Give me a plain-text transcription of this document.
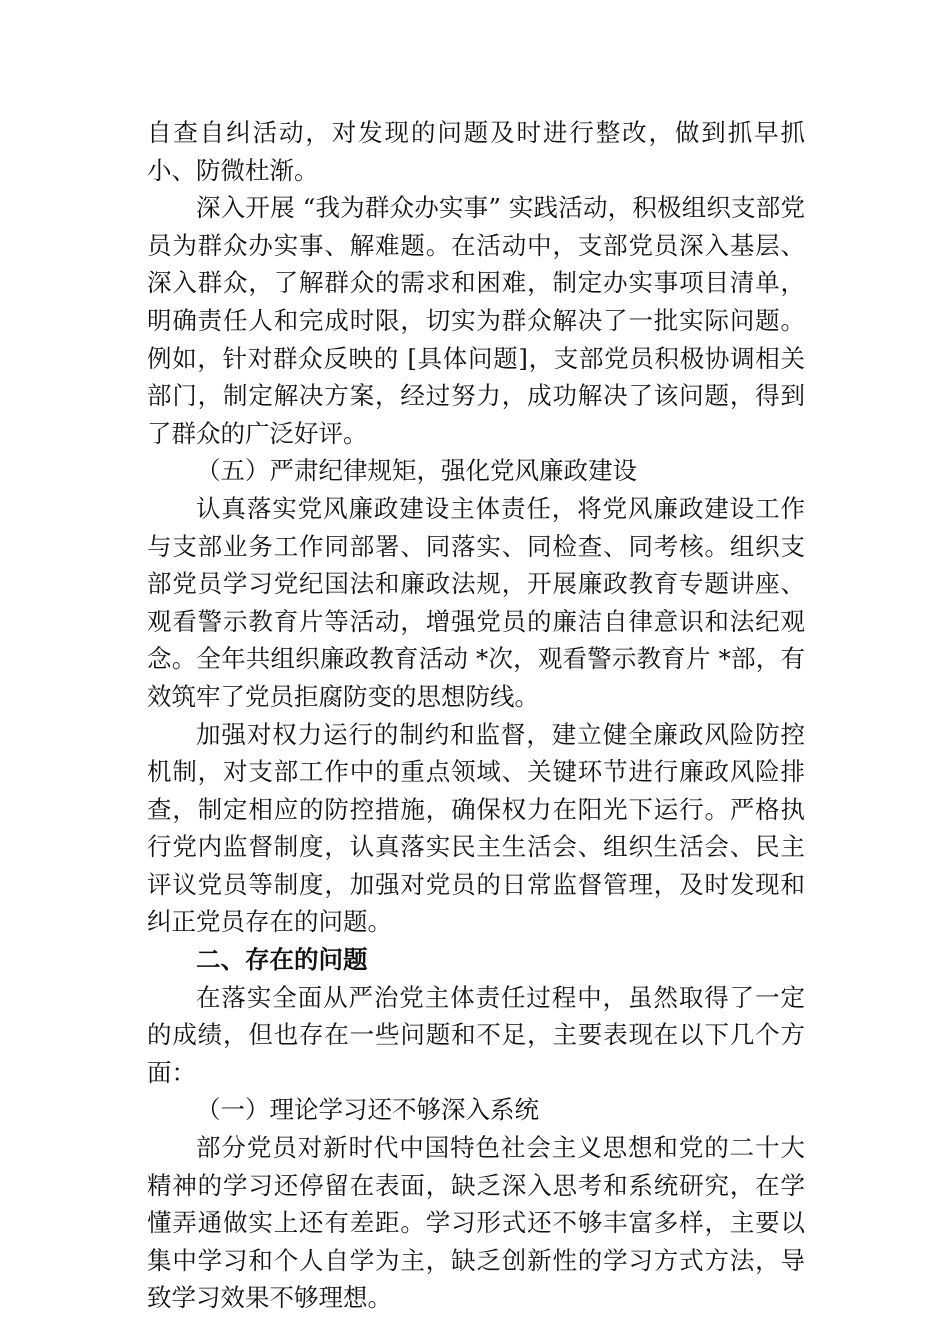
自查自纠活动，对发现的问题及时进行整改，做到抓早抓小、防微杜渐。

深入开展 “我为群众办实事” 实践活动，积极组织支部党员为群众办实事、解难题。在活动中，支部党员深入基层、深入群众，了解群众的需求和困难，制定办实事项目清单，明确责任人和完成时限，切实为群众解决了一批实际问题。例如，针对群众反映的 [具体问题]，支部党员积极协调相关部门，制定解决方案，经过努力，成功解决了该问题，得到了群众的广泛好评。

（五）严肃纪律规矩，强化党风廉政建设

认真落实党风廉政建设主体责任，将党风廉政建设工作与支部业务工作同部署、同落实、同检查、同考核。组织支部党员学习党纪国法和廉政法规，开展廉政教育专题讲座、观看警示教育片等活动，增强党员的廉洁自律意识和法纪观念。全年共组织廉政教育活动 *次，观看警示教育片 *部，有效筑牢了党员拒腐防变的思想防线。

加强对权力运行的制约和监督，建立健全廉政风险防控机制，对支部工作中的重点领域、关键环节进行廉政风险排查，制定相应的防控措施，确保权力在阳光下运行。严格执行党内监督制度，认真落实民主生活会、组织生活会、民主评议党员等制度，加强对党员的日常监督管理，及时发现和纠正党员存在的问题。

二、存在的问题

在落实全面从严治党主体责任过程中，虽然取得了一定的成绩，但也存在一些问题和不足，主要表现在以下几个方面：

（一）理论学习还不够深入系统

部分党员对新时代中国特色社会主义思想和党的二十大精神的学习还停留在表面，缺乏深入思考和系统研究，在学懂弄通做实上还有差距。学习形式还不够丰富多样，主要以集中学习和个人自学为主，缺乏创新性的学习方式方法，导致学习效果不够理想。
